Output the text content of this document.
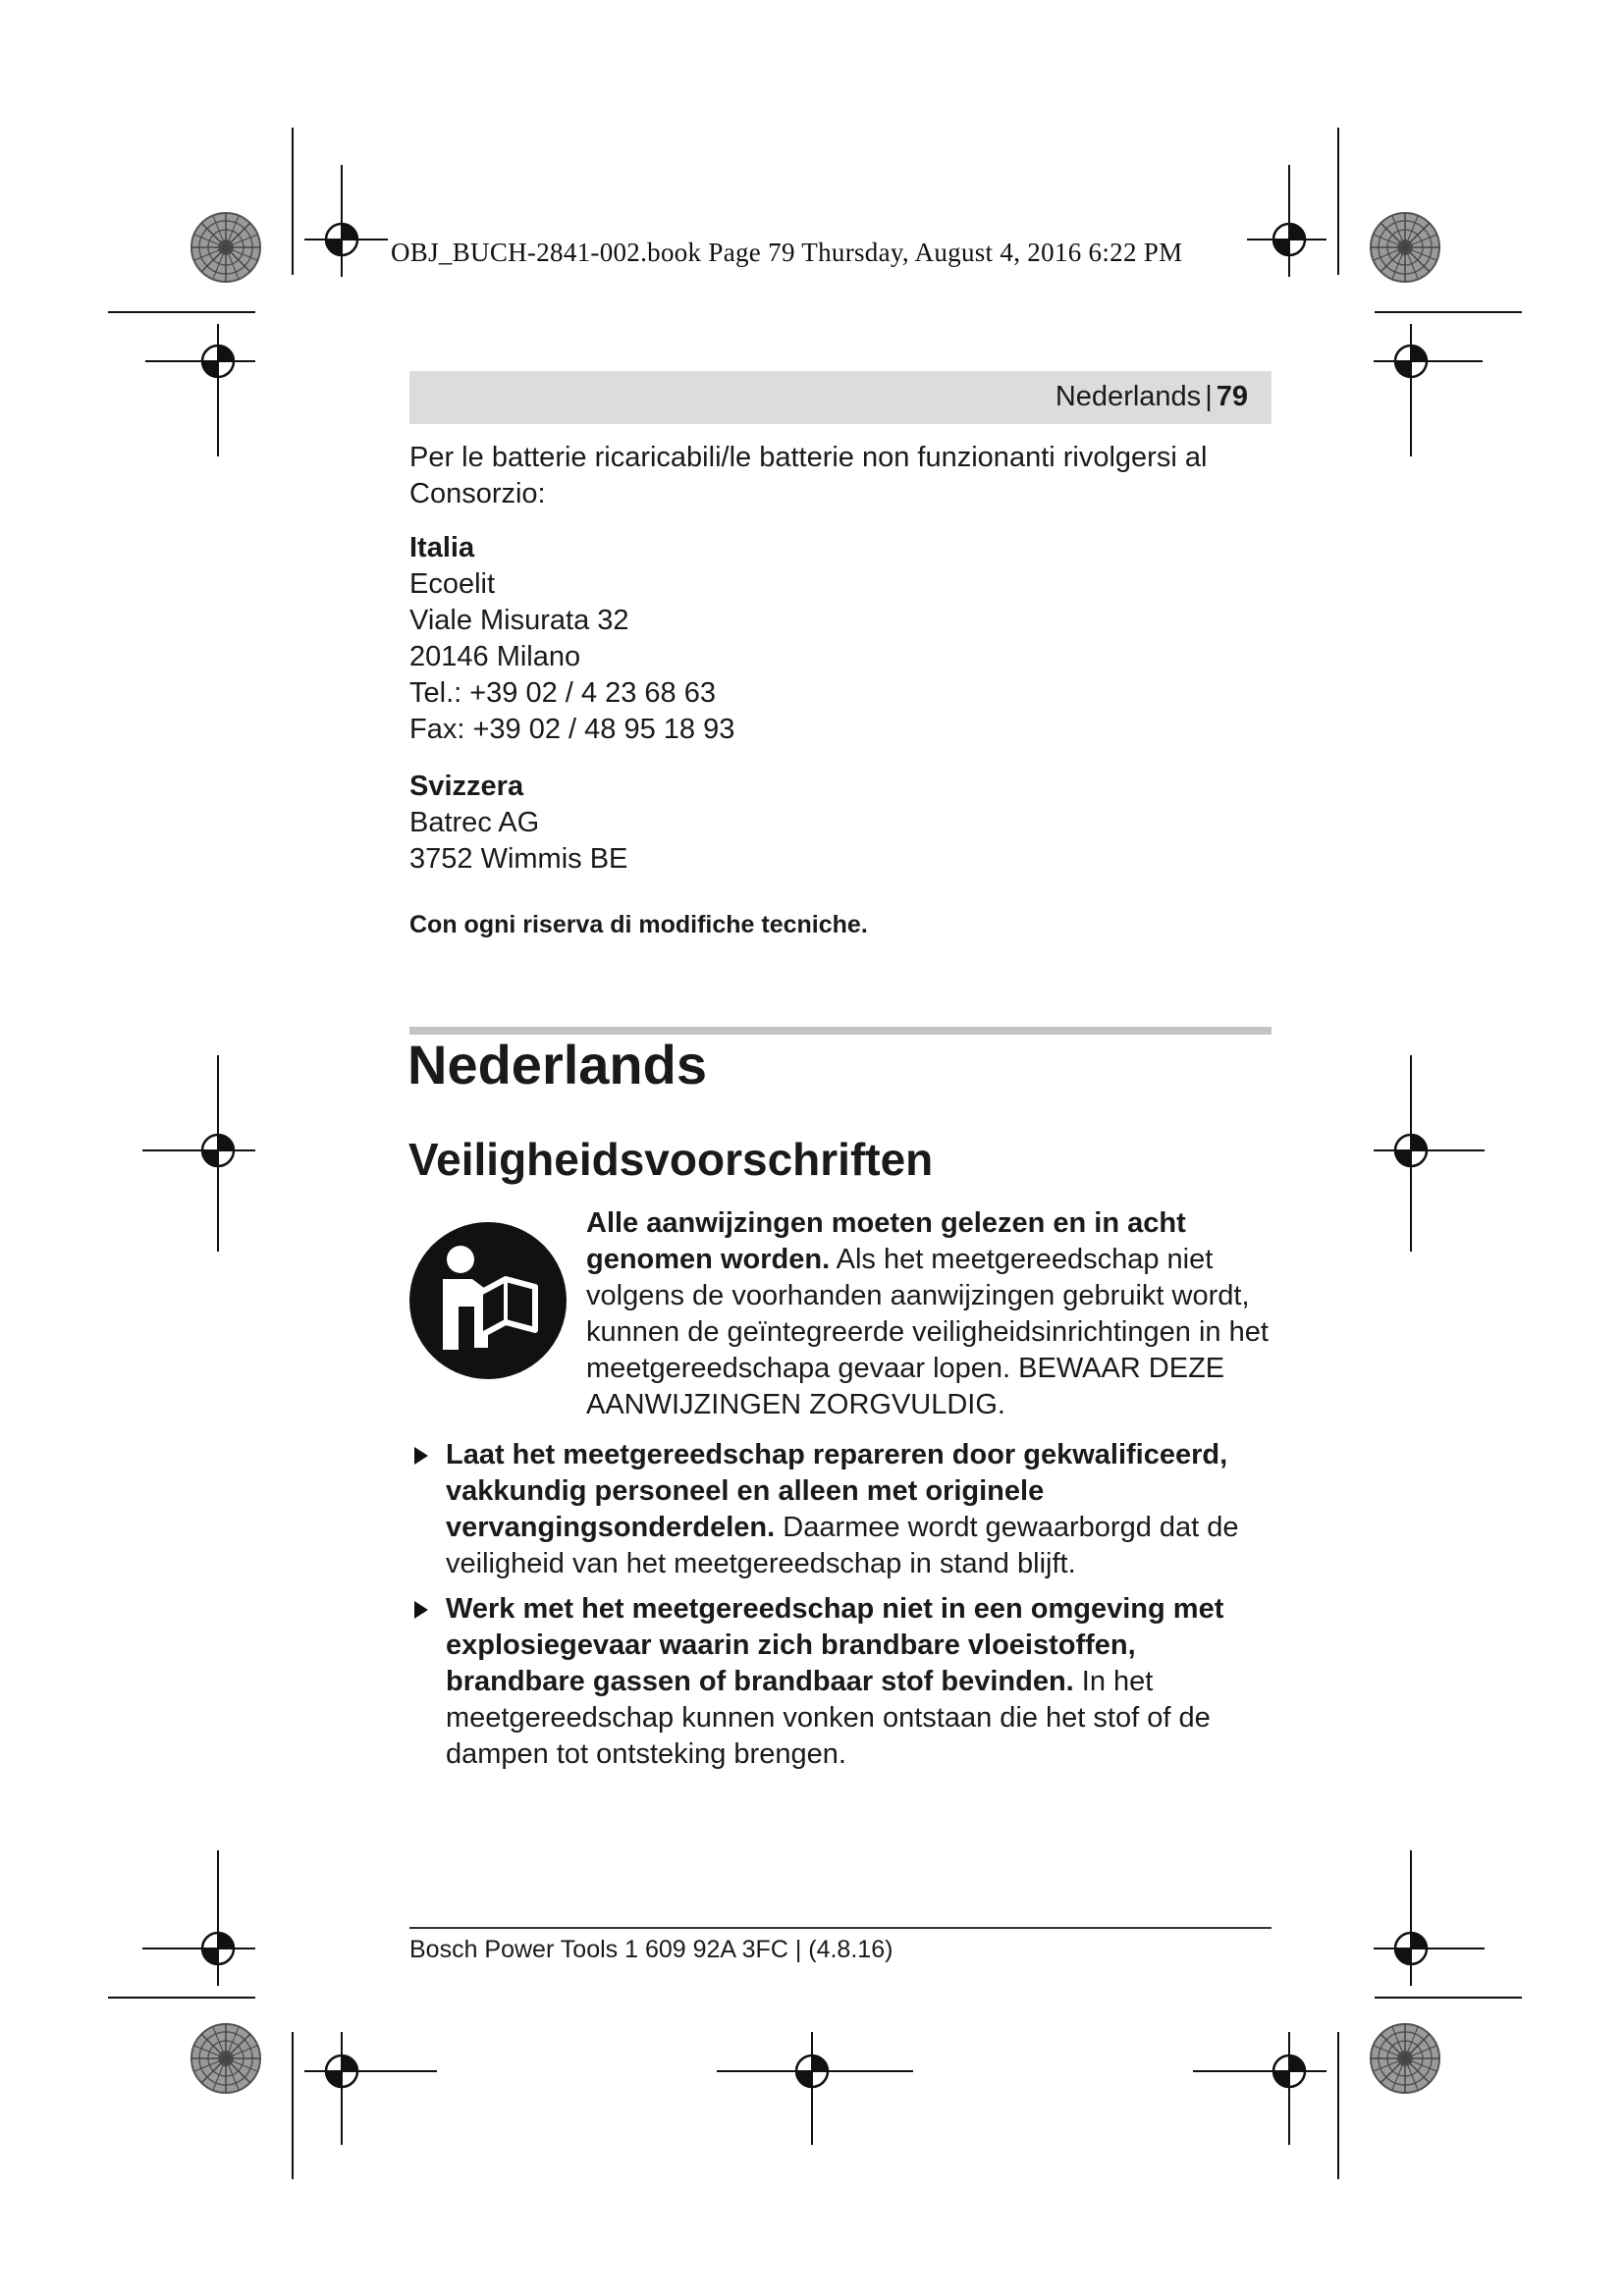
OBJ_BUCH-2841-002.book Page 79 Thursday, August 4, 2016 6:22 PM
Nederlands | 79

Per le batterie ricaricabili/le batterie non funzionanti rivolgersi al Consorzio:

Italia

Ecoelit

Viale Misurata 32

20146 Milano

Tel.: +39 02 / 4 23 68 63

Fax: +39 02 / 48 95 18 93

Svizzera

Batrec AG

3752 Wimmis BE

Con ogni riserva di modifiche tecniche.

Nederlands
Veiligheidsvoorschriften
Alle aanwijzingen moeten gelezen en in acht genomen worden. Als het meetgereedschap niet volgens de voorhanden aanwijzingen gebruikt wordt, kunnen de geïntegreerde veiligheidsinrichtingen in het meetgereedschapa gevaar lopen. BEWAAR DEZE AANWIJZINGEN ZORGVULDIG.
Laat het meetgereedschap repareren door gekwalificeerd, vakkundig personeel en alleen met originele vervangingsonderdelen. Daarmee wordt gewaarborgd dat de veiligheid van het meetgereedschap in stand blijft.
Werk met het meetgereedschap niet in een omgeving met explosiegevaar waarin zich brandbare vloeistoffen, brandbare gassen of brandbaar stof bevinden. In het meetgereedschap kunnen vonken ontstaan die het stof of de dampen tot ontsteking brengen.
Bosch Power Tools 1 609 92A 3FC | (4.8.16)
